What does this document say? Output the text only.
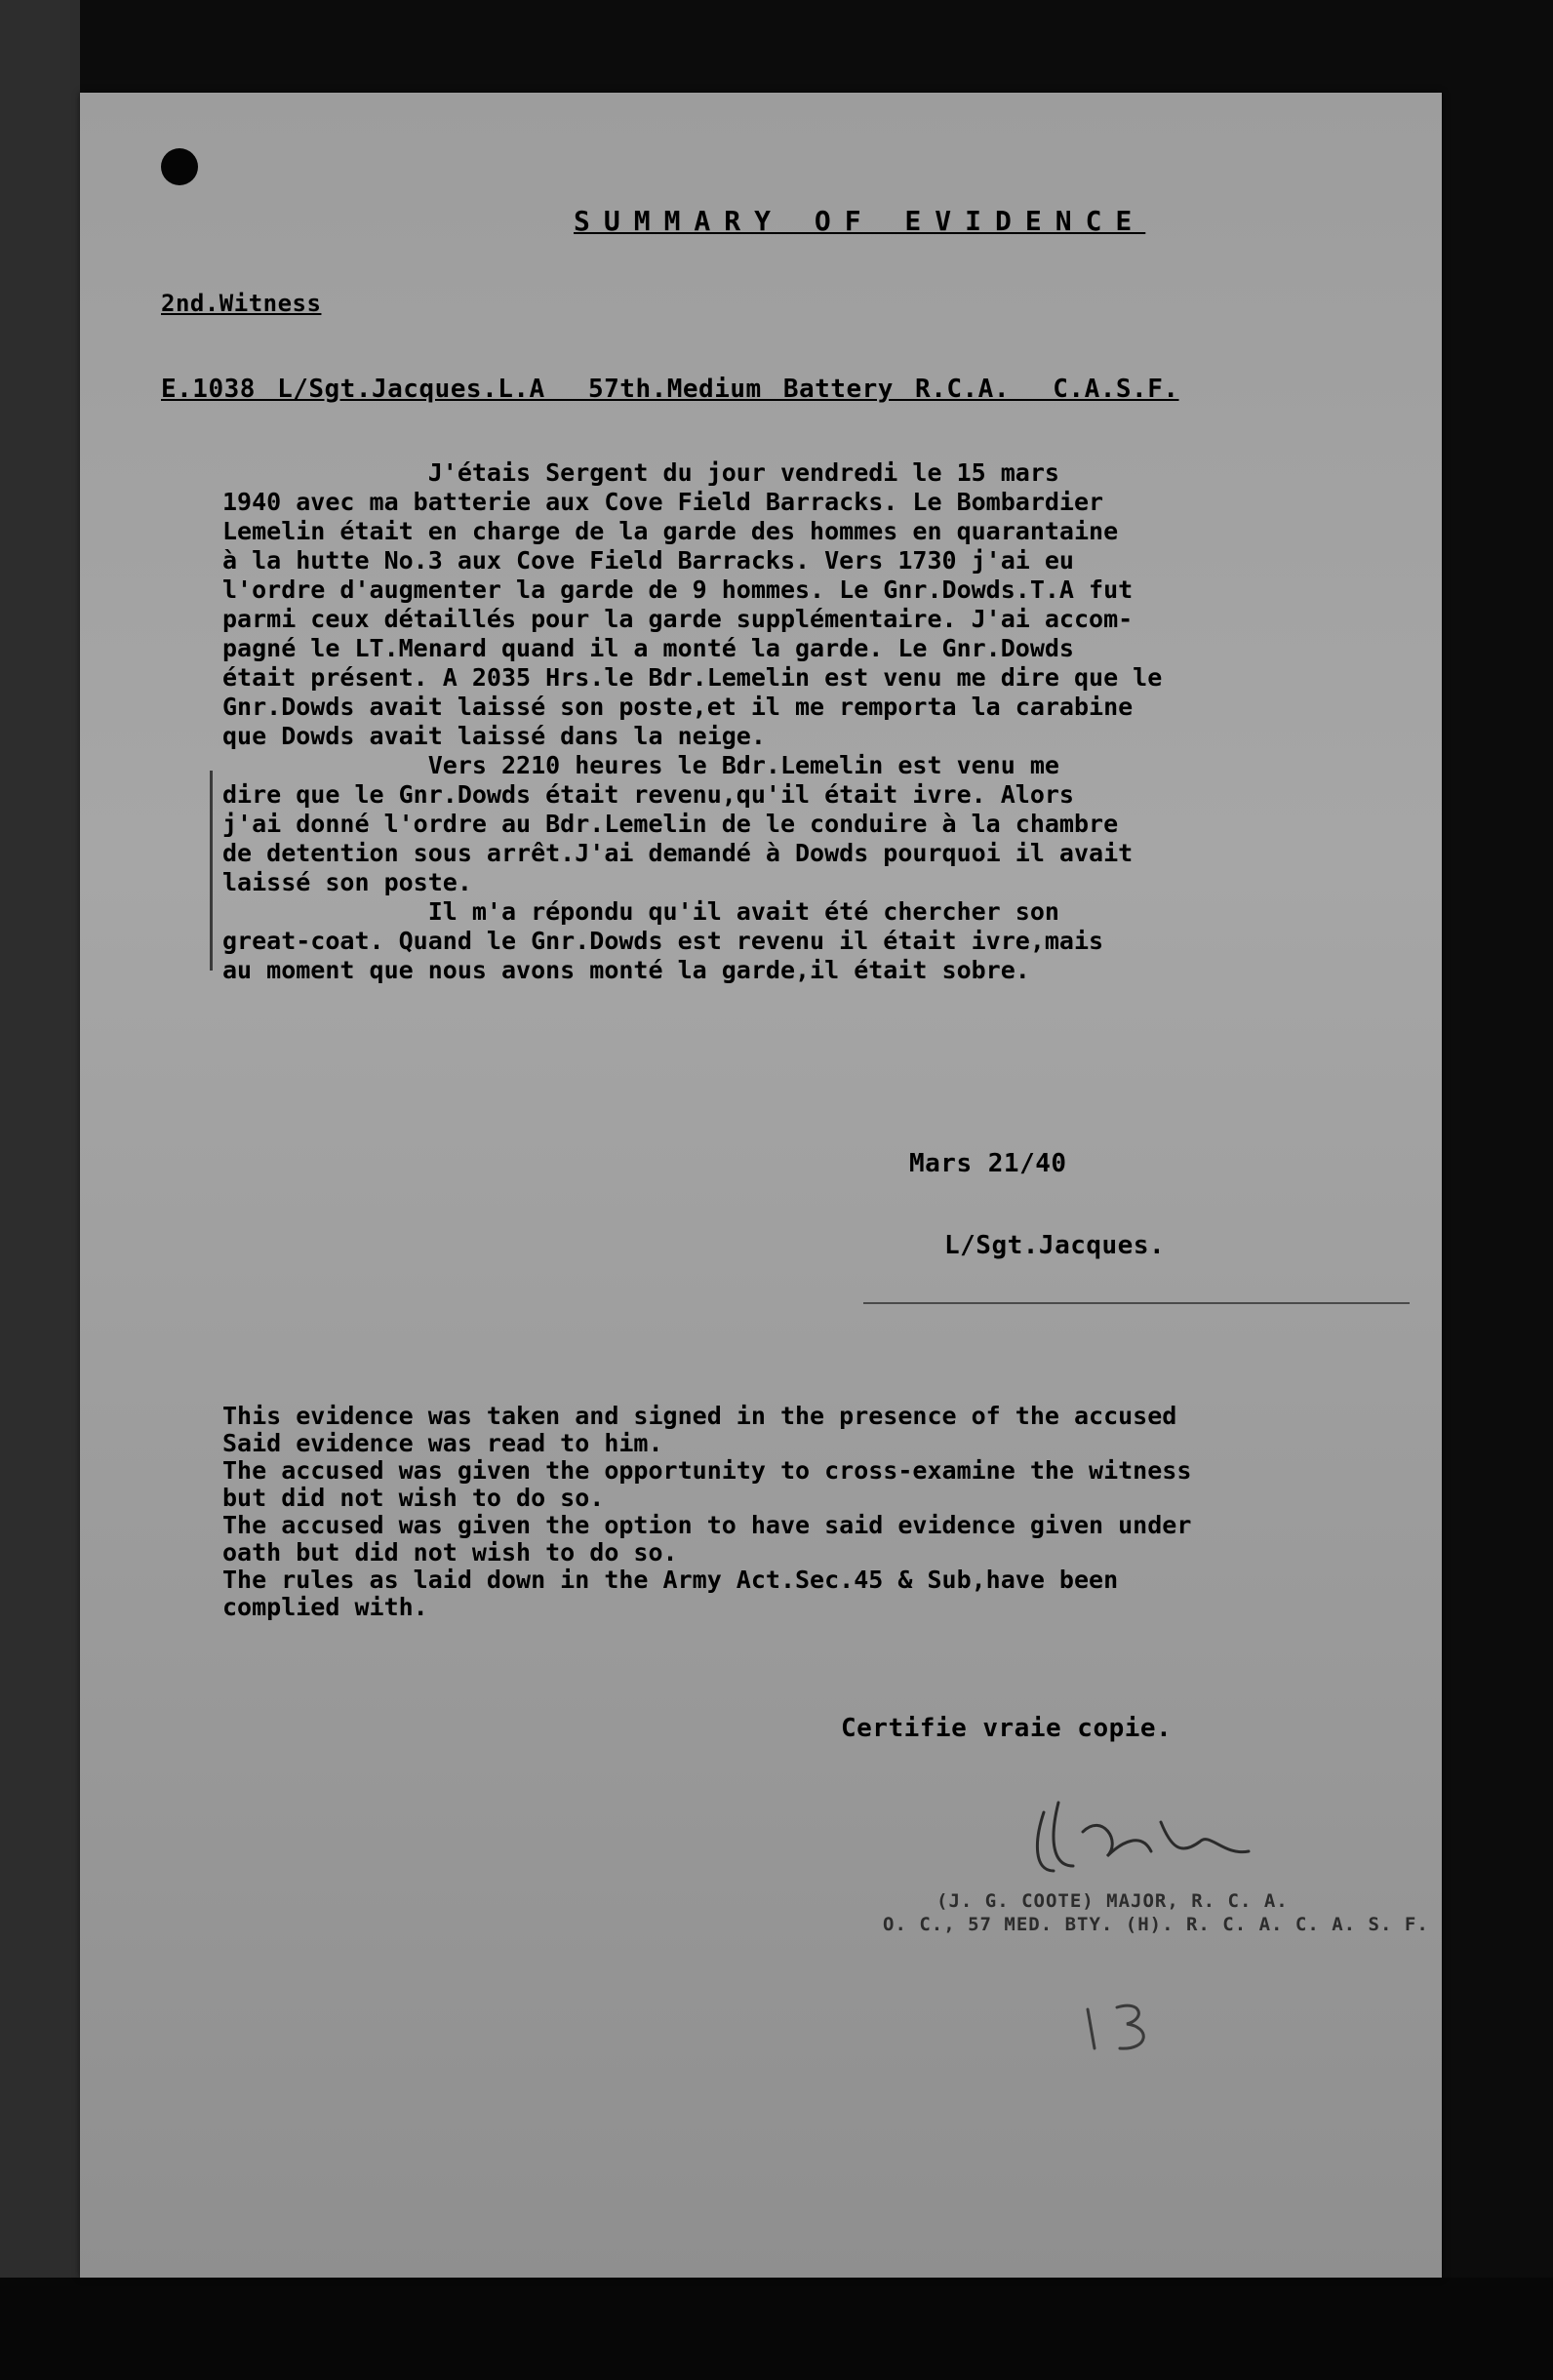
SUMMARY OF EVIDENCE
2nd.Witness
E.1038 L/Sgt.Jacques.L.A  57th.Medium Battery R.C.A.  C.A.S.F.
J'étais Sergent du jour vendredi le 15 mars
1940 avec ma batterie aux Cove Field Barracks. Le Bombardier
Lemelin était en charge de la garde des hommes en quarantaine
à la hutte No.3 aux Cove Field Barracks. Vers 1730 j'ai eu
l'ordre d'augmenter la garde de 9 hommes. Le Gnr.Dowds.T.A fut
parmi ceux détaillés pour la garde supplémentaire. J'ai accom-
pagné le LT.Menard quand il a monté la garde. Le Gnr.Dowds
était présent. A 2035 Hrs.le Bdr.Lemelin est venu me dire que le
Gnr.Dowds avait laissé son poste,et il me remporta la carabine
que Dowds avait laissé dans la neige.
Vers 2210 heures le Bdr.Lemelin est venu me
dire que le Gnr.Dowds était revenu,qu'il était ivre. Alors
j'ai donné l'ordre au Bdr.Lemelin de le conduire à la chambre
de detention sous arrêt.J'ai demandé à Dowds pourquoi il avait
laissé son poste.
Il m'a répondu qu'il avait été chercher son
great-coat. Quand le Gnr.Dowds est revenu il était ivre,mais
au moment que nous avons monté la garde,il était sobre.
Mars 21/40
L/Sgt.Jacques.
This evidence was taken and signed in the presence of the accused
Said evidence was read to him.
The accused was given the opportunity to cross-examine the witness
but did not wish to do so.
The accused was given the option to have said evidence given under
oath but did not wish to do so.
The rules as laid down in the Army Act.Sec.45 & Sub,have been
complied with.
Certifie vraie copie.
(J. G. COOTE) MAJOR, R. C. A.
O. C., 57 MED. BTY. (H). R. C. A. C. A. S. F.
